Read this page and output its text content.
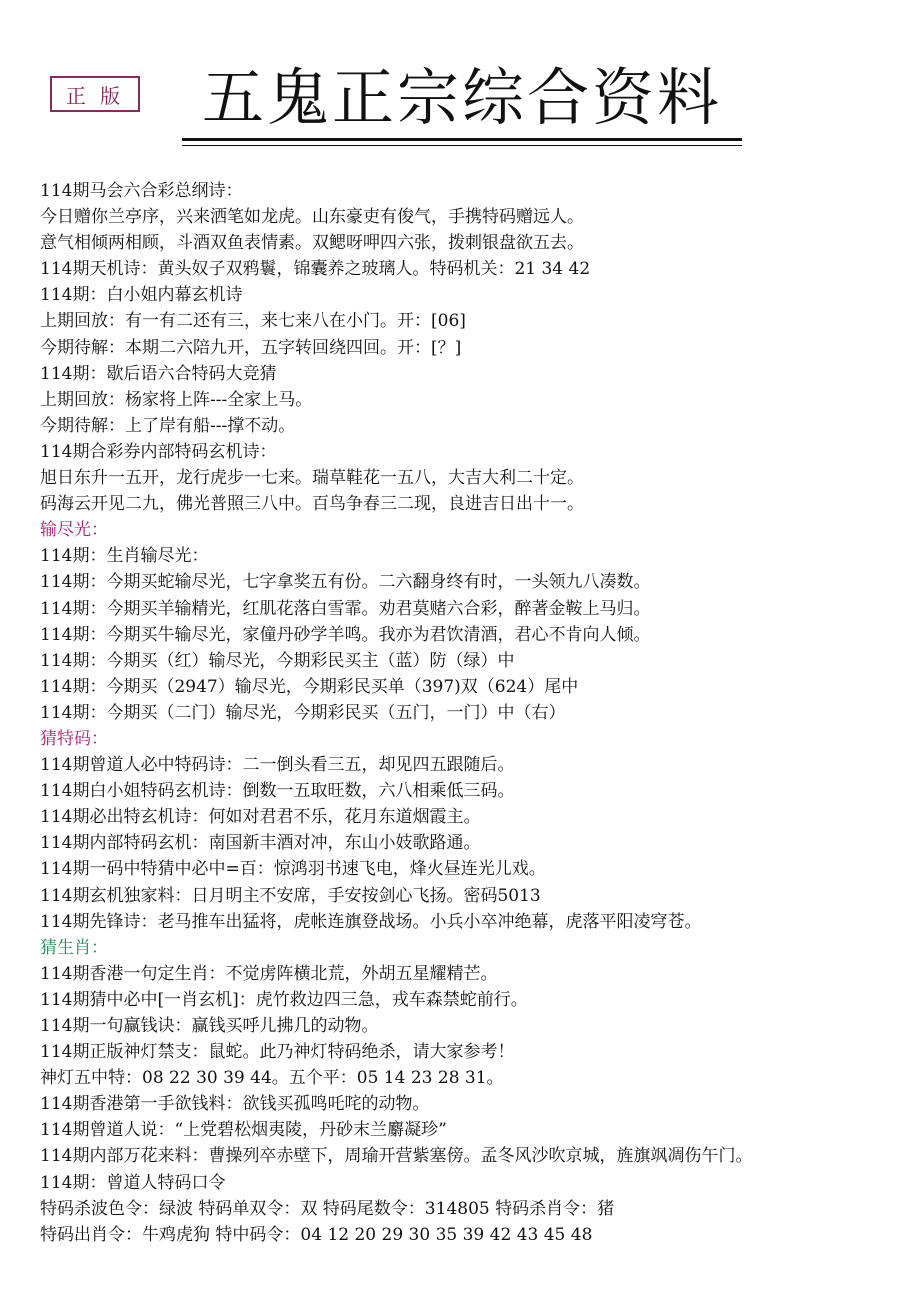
正 版	五鬼正宗综合资料
114期马会六合彩总纲诗：
今日赠你兰亭序，兴来洒笔如龙虎。山东豪吏有俊气，手携特码赠远人。
意气相倾两相顾，斗酒双鱼表情素。双鳃呀呷四六张，拨刺银盘欲五去。
114期天机诗：黄头奴子双鸦鬟，锦囊养之玻璃人。特码机关：21 34 42
114期：白小姐内幕玄机诗
上期回放：有一有二还有三，来七来八在小门。开：[06]
今期待解：本期二六陪九开，五字转回绕四回。开：[？]
114期：歇后语六合特码大竞猜
上期回放：杨家将上阵---全家上马。
今期待解：上了岸有船---撑不动。
114期合彩券内部特码玄机诗：
旭日东升一五开，龙行虎步一七来。瑞草鞋花一五八，大吉大利二十定。
码海云开见二九，佛光普照三八中。百鸟争春三二现，良进吉日出十一。
输尽光：
114期：生肖输尽光：
114期：今期买蛇输尽光，七字拿奖五有份。二六翻身终有时，一头领九八凑数。
114期：今期买羊输精光，红肌花落白雪霏。劝君莫赌六合彩，醉著金鞍上马归。
114期：今期买牛输尽光，家僮丹砂学羊鸣。我亦为君饮清酒，君心不肯向人倾。
114期：今期买（红）输尽光，今期彩民买主（蓝）防（绿）中
114期：今期买（2947）输尽光，今期彩民买单（397)双（624）尾中
114期：今期买（二门）输尽光，今期彩民买（五门，一门）中（右）
猜特码：
114期曾道人必中特码诗：二一倒头看三五，却见四五跟随后。
114期白小姐特码玄机诗：倒数一五取旺数，六八相乘低三码。
114期必出特玄机诗：何如对君君不乐，花月东道烟霞主。
114期内部特码玄机：南国新丰酒对冲，东山小妓歌路通。
114期一码中特猜中必中=百：惊鸿羽书速飞电，烽火昼连光儿戏。
114期玄机独家料：日月明主不安席，手安按剑心飞扬。密码5013
114期先锋诗：老马推车出猛将，虎帐连旗登战场。小兵小卒冲绝幕，虎落平阳凌穹苍。
猜生肖：
114期香港一句定生肖：不觉虏阵横北荒，外胡五星耀精芒。
114期猜中必中[一肖玄机]：虎竹救边四三急，戎车森禁蛇前行。
114期一句赢钱诀：赢钱买呼儿拂几的动物。
114期正版神灯禁支：鼠蛇。此乃神灯特码绝杀，请大家参考！
神灯五中特：08 22 30 39 44。五个平：05 14 23 28 31。
114期香港第一手欲钱料：欲钱买孤鸣吒咤的动物。
114期曾道人说：“上党碧松烟夷陵，丹砂末兰麝凝珍”
114期内部万花来料：曹操列卒赤壁下，周瑜开营紫塞傍。孟冬风沙吹京城，旌旗飒凋伤午门。
114期：曾道人特码口令
特码杀波色令：绿波 特码单双令：双 特码尾数令：314805 特码杀肖令：猪
特码出肖令：牛鸡虎狗 特中码令：04 12 20 29 30 35 39 42 43 45 48
